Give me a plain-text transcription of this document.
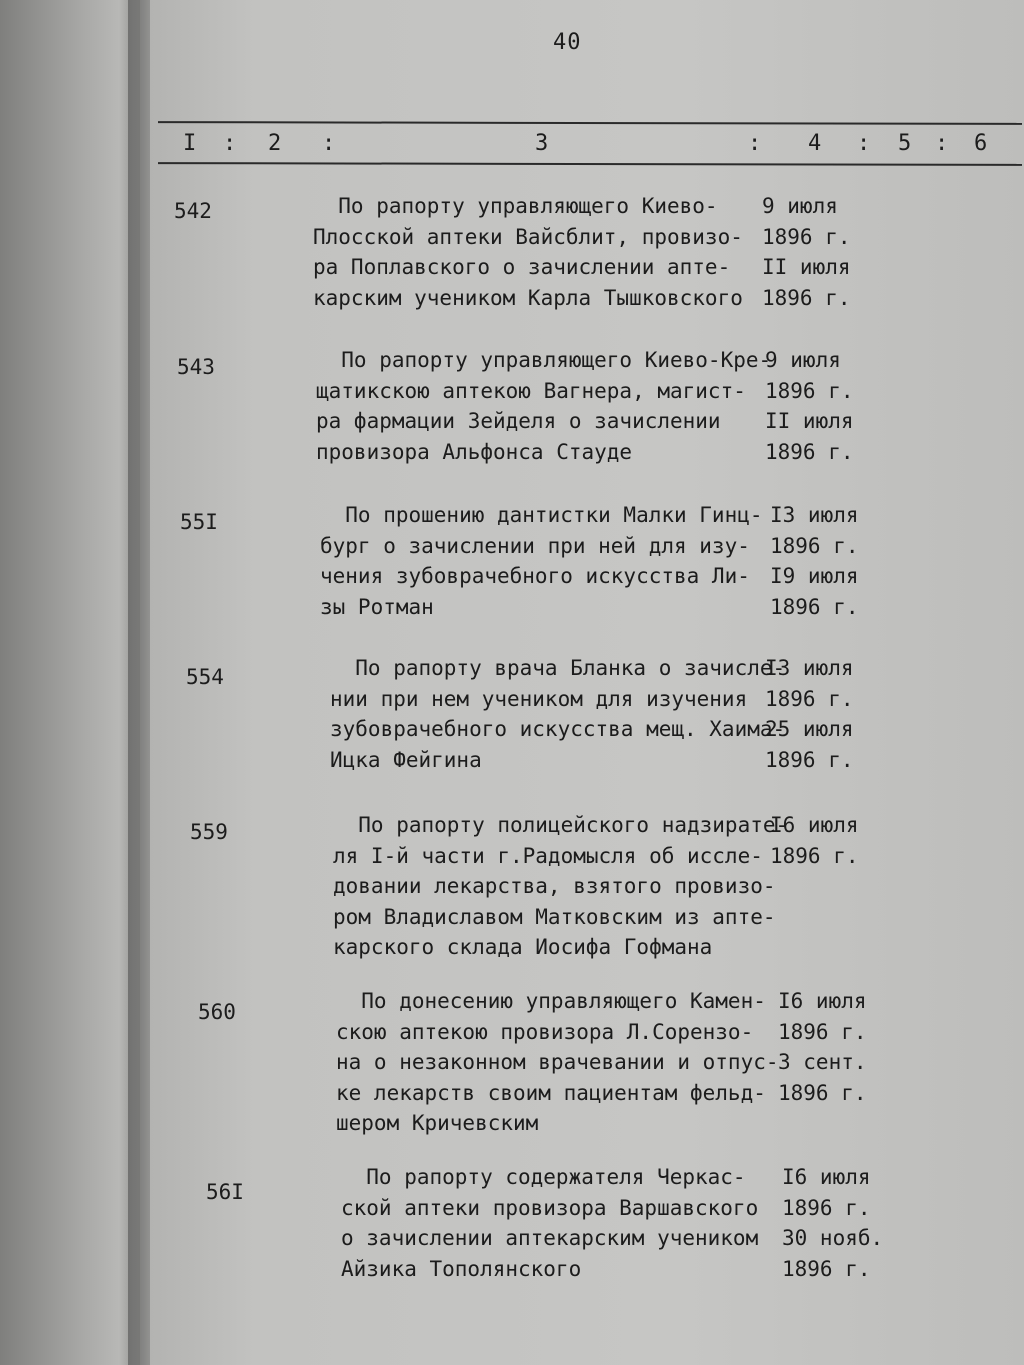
40
I : 2 :	3	: 4 : 5 : 6
542	По рапорту управляющего Киево-
Плосской аптеки Вайсблит, провизо-
ра Поплавского о зачислении апте-
карским учеником Карла Тышковского
9 июля
1896 г.
II июля
1896 г.
543	По рапорту управляющего Киево-Кре-
щатикскою аптекою Вагнера, магист-
ра фармации Зейделя о зачислении
провизора Альфонса Стауде
9 июля
1896 г.
II июля
1896 г.
55I	По прошению дантистки Малки Гинц-
бург о зачислении при ней для изу-
чения зубоврачебного искусства Ли-
зы Ротман
I3 июля
1896 г.
I9 июля
1896 г.
554	По рапорту врача Бланка о зачисле-
нии при нем учеником для изучения
зубоврачебного искусства мещ. Хаима-
Ицка Фейгина
I3 июля
1896 г.
25 июля
1896 г.
559	По рапорту полицейского надзирате-
ля I-й части г.Радомысля об иссле-
довании лекарства, взятого провизо-
ром Владиславом Матковским из апте-
карского склада Иосифа Гофмана
I6 июля
1896 г.
560	По донесению управляющего Камен-
скою аптекою провизора Л.Сорензо-
на о незаконном врачевании и отпус-
ке лекарств своим пациентам фельд-
шером Кричевским
I6 июля
1896 г.
3 сент.
1896 г.
56I
По рапорту содержателя Черкас-
ской аптеки провизора Варшавского
о зачислении аптекарским учеником
Айзика Тополянского
I6 июля
1896 г.
30 нояб.
1896 г.
